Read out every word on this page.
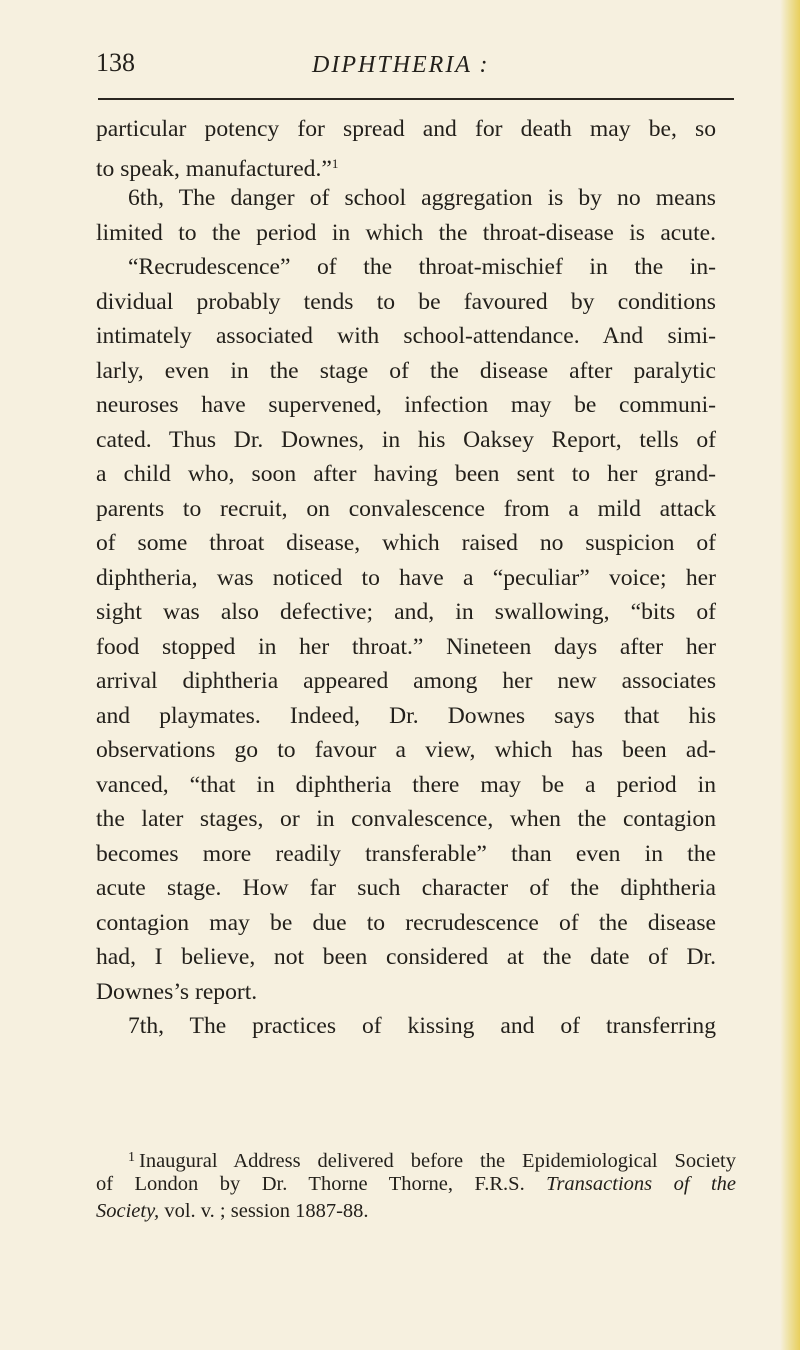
138	DIPHTHERIA :
particular potency for spread and for death may be, so
to speak, manufactured.”$^1$
6th, The danger of school aggregation is by no means
limited to the period in which the throat-disease is acute.
“Recrudescence” of the throat-mischief in the in-
dividual probably tends to be favoured by conditions
intimately associated with school-attendance. And simi-
larly, even in the stage of the disease after paralytic
neuroses have supervened, infection may be communi-
cated. Thus Dr. Downes, in his Oaksey Report, tells of
a child who, soon after having been sent to her grand-
parents to recruit, on convalescence from a mild attack
of some throat disease, which raised no suspicion of
diphtheria, was noticed to have a “peculiar” voice; her
sight was also defective; and, in swallowing, “bits of
food stopped in her throat.” Nineteen days after her
arrival diphtheria appeared among her new associates
and playmates. Indeed, Dr. Downes says that his
observations go to favour a view, which has been ad-
vanced, “that in diphtheria there may be a period in
the later stages, or in convalescence, when the contagion
becomes more readily transferable” than even in the
acute stage. How far such character of the diphtheria
contagion may be due to recrudescence of the disease
had, I believe, not been considered at the date of Dr.
Downes’s report.
7th, The practices of kissing and of transferring
$^1$ Inaugural Address delivered before the Epidemiological Society
of London by Dr. Thorne Thorne, F.R.S. Transactions of the
Society, vol. v. ; session 1887-88.
